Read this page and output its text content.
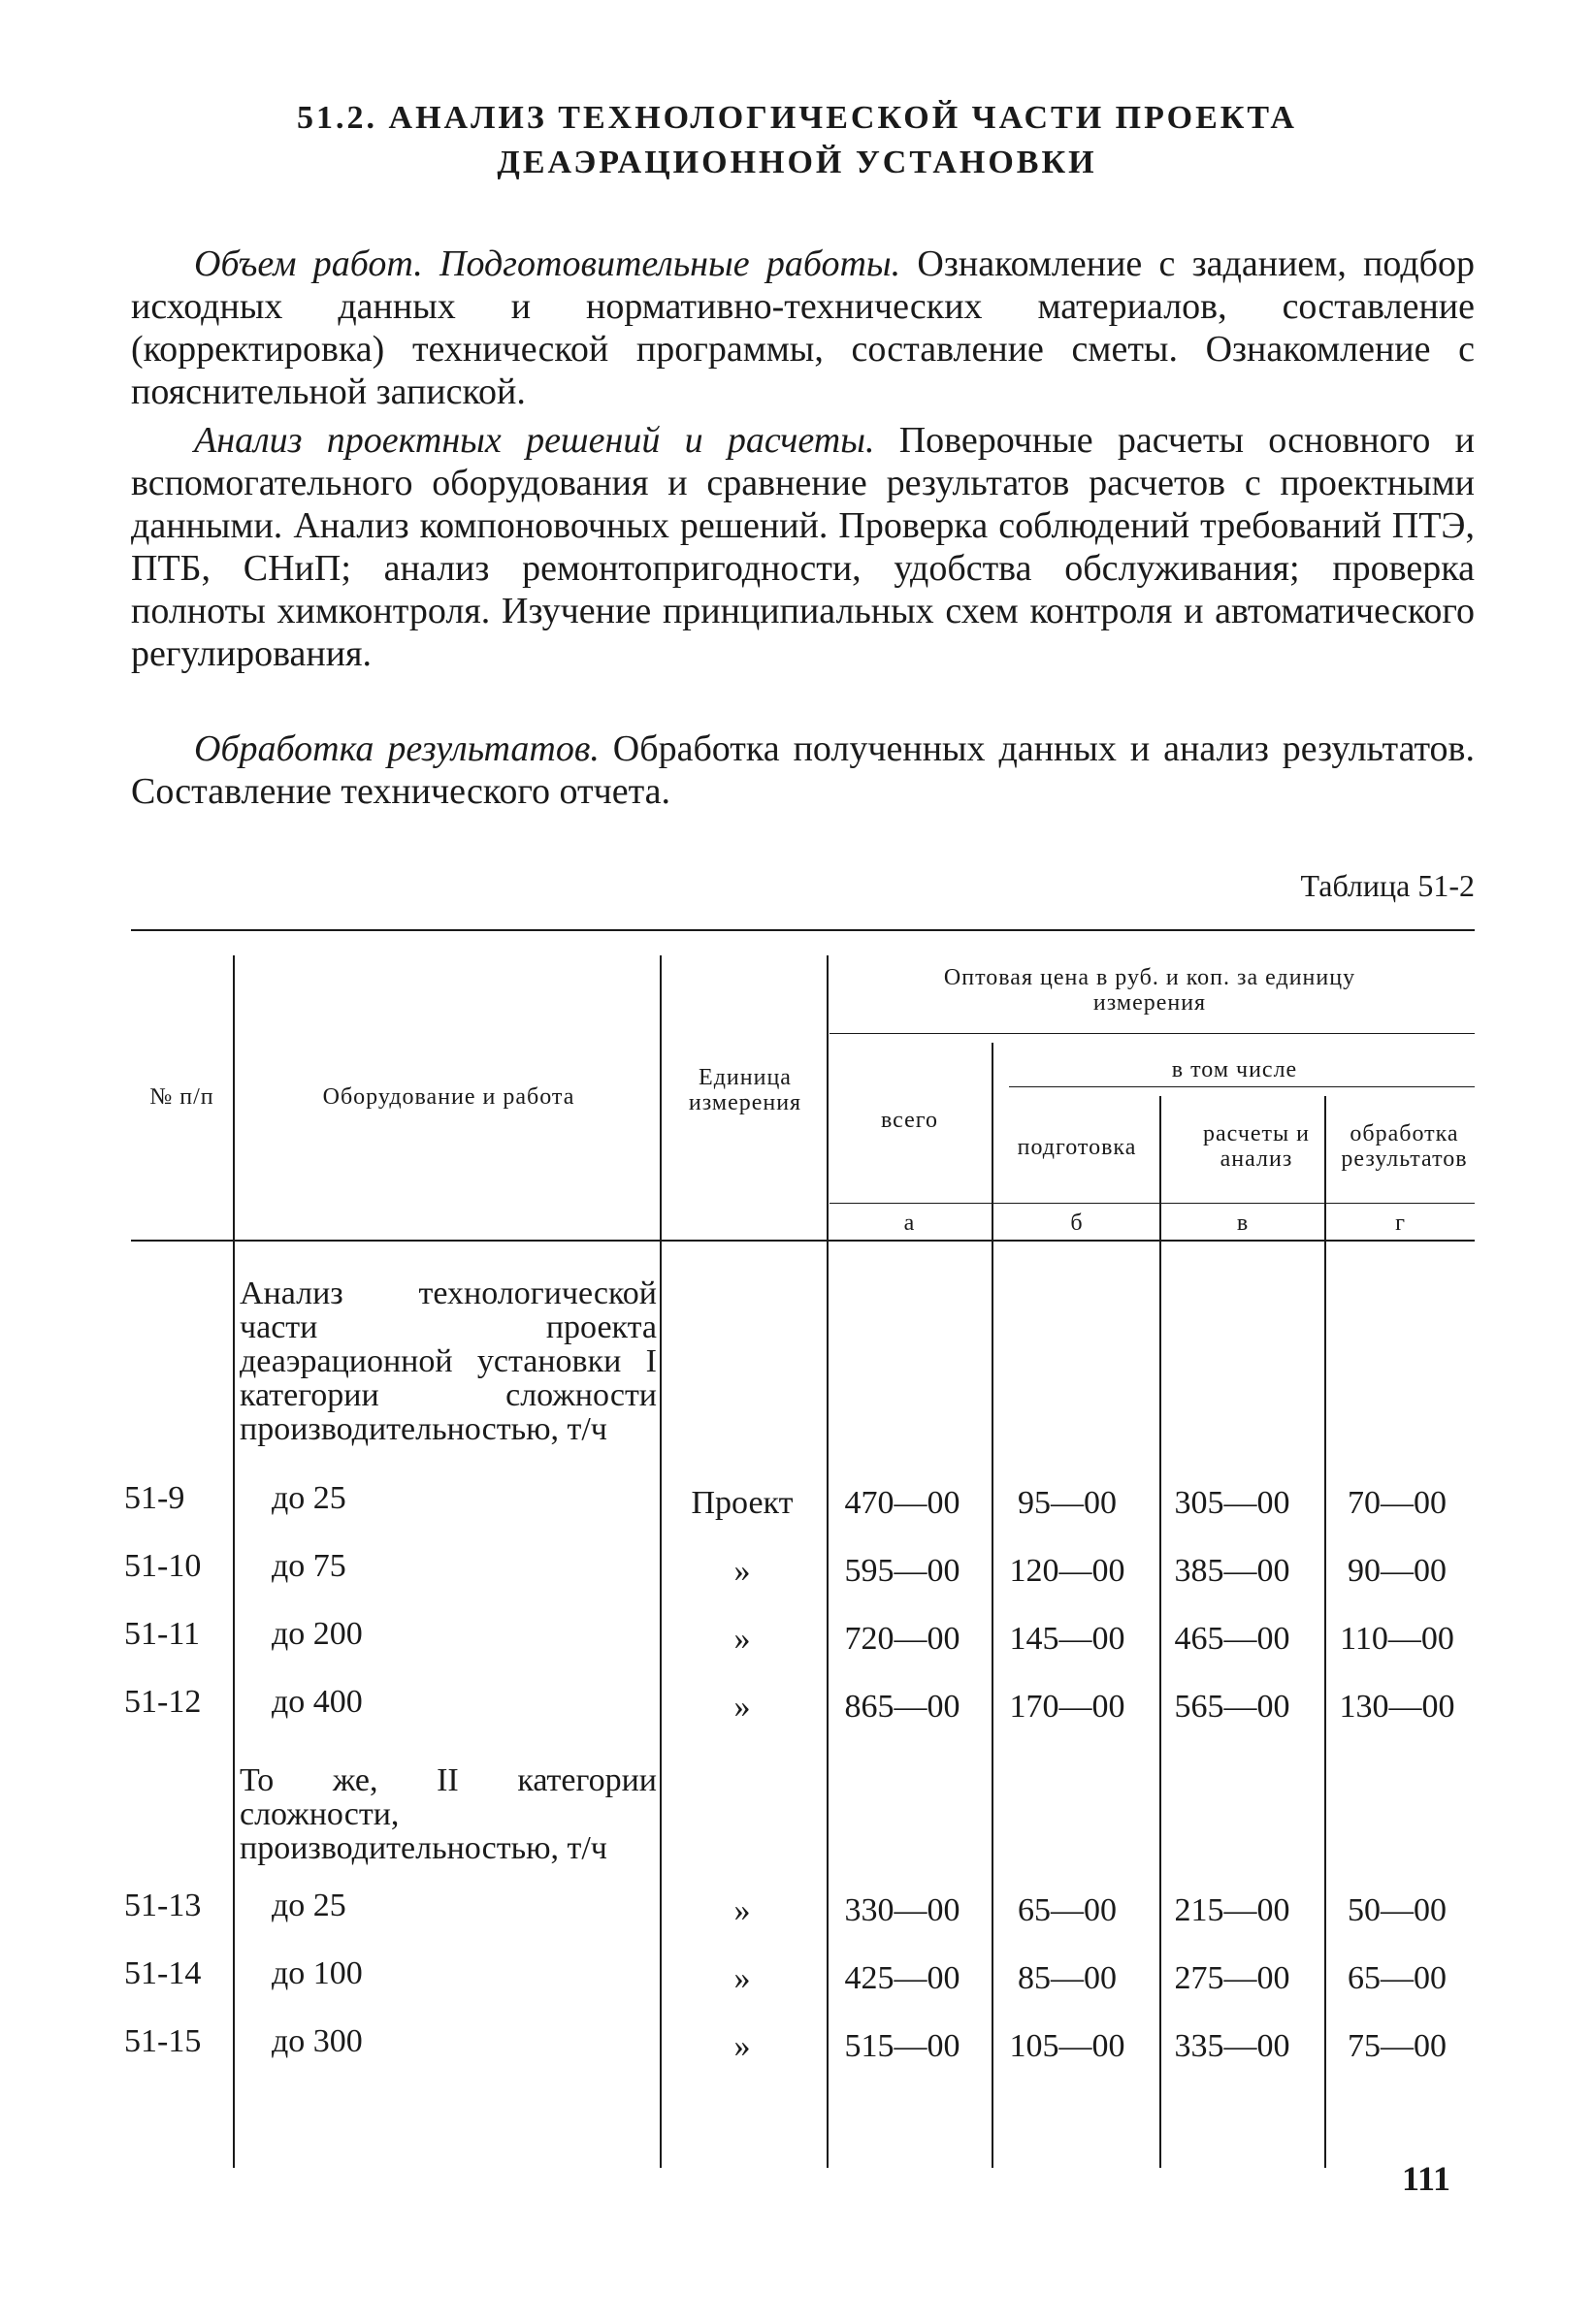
51.2. АНАЛИЗ ТЕХНОЛОГИЧЕСКОЙ ЧАСТИ ПРОЕКТА
ДЕАЭРАЦИОННОЙ УСТАНОВКИ

Объем работ. Подготовительные работы. Ознакомление с заданием, подбор исходных данных и нормативно-технических материалов, составление (корректировка) технической программы, составление сметы. Ознакомление с пояснительной запиской.

Анализ проектных решений и расчеты. Поверочные расчеты основного и вспомогательного оборудования и сравнение результатов расчетов с проектными данными. Анализ компоновочных решений. Проверка соблюдений требований ПТЭ, ПТБ, СНиП; анализ ремонтопригодности, удобства обслуживания; проверка полноты химконтроля. Изучение принципиальных схем контроля и автоматического регулирования.

Обработка результатов. Обработка полученных данных и анализ результатов. Составление технического отчета.

Таблица 51-2
№ п/п	Оборудование и работа
Единица измерения
Оптовая цена в руб. и коп. за единицу измерения
всего
в том числе
подготовка
расчеты и анализ
обработка результатов
а	б	в	г
Анализ технологической части проекта деаэрационной установки I категории сложности производительностью, т/ч
51-9	до 25	Проект	470—00	95—00	305—00	70—00
51-10	до 75	»	595—00	120—00	385—00	90—00
51-11	до 200	»	720—00	145—00	465—00	110—00
51-12	до 400	»	865—00	170—00	565—00	130—00
То же, II категории сложности, производительностью, т/ч
51-13	до 25	»	330—00	65—00	215—00	50—00
51-14	до 100	»	425—00	85—00	275—00	65—00
51-15	до 300	»	515—00	105—00	335—00	75—00
111
